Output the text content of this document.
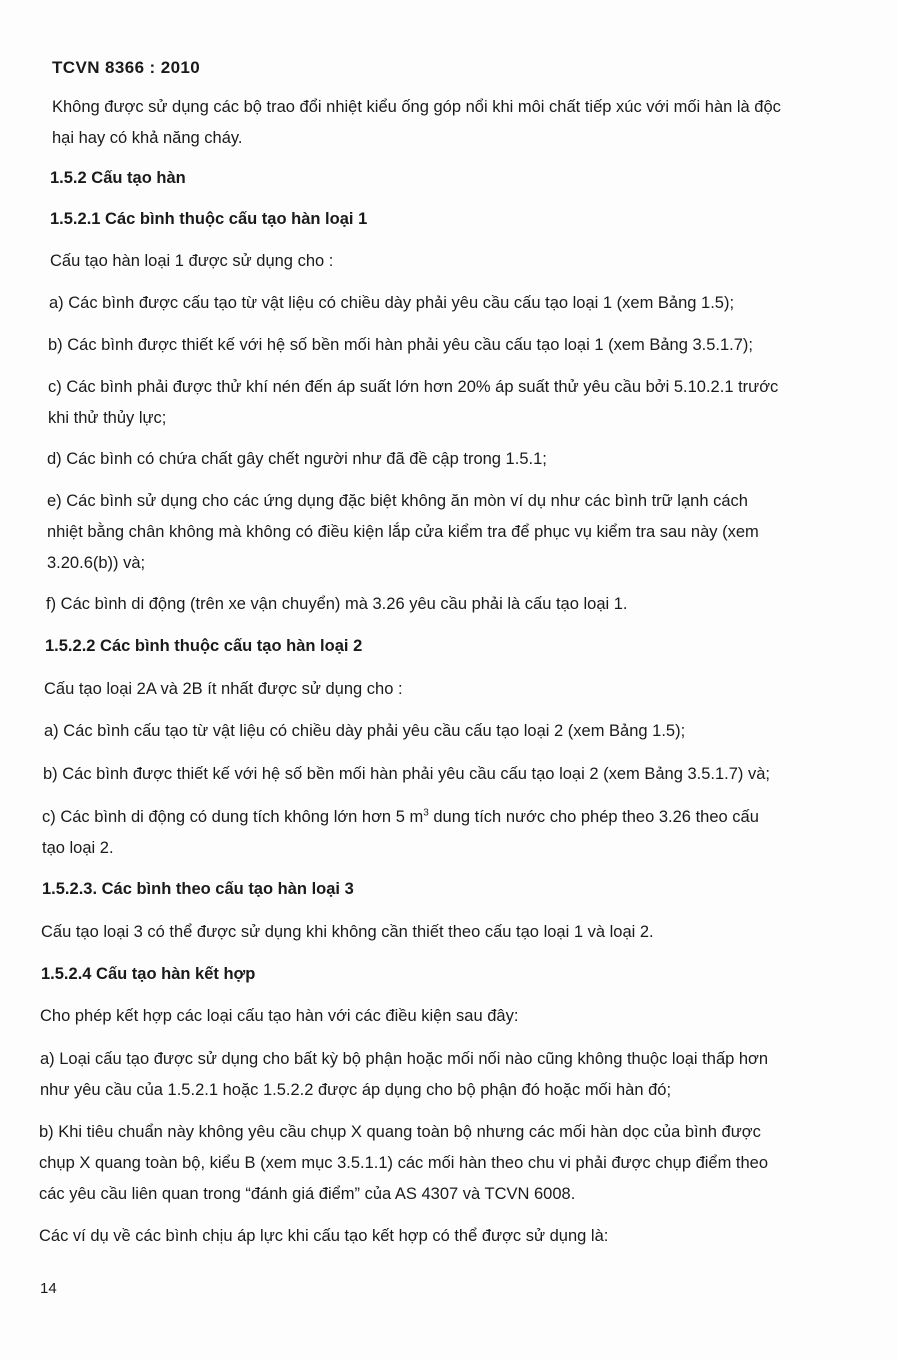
TCVN 8366 : 2010
Không được sử dụng các bộ trao đổi nhiệt kiểu ống góp nổi khi môi chất tiếp xúc với mối hàn là độc
hại hay có khả năng cháy.
1.5.2 Cấu tạo hàn
1.5.2.1 Các bình thuộc cấu tạo hàn loại 1
Cấu tạo hàn loại 1 được sử dụng cho :
a) Các bình được cấu tạo từ vật liệu có chiều dày phải yêu cầu cấu tạo loại 1 (xem Bảng 1.5);
b) Các bình được thiết kế với hệ số bền mối hàn phải yêu cầu cấu tạo loại 1 (xem Bảng 3.5.1.7);
c) Các bình phải được thử khí nén đến áp suất lớn hơn 20% áp suất thử yêu cầu bởi 5.10.2.1 trước
khi thử thủy lực;
d) Các bình có chứa chất gây chết người như đã đề cập trong 1.5.1;
e) Các bình sử dụng cho các ứng dụng đặc biệt không ăn mòn ví dụ như các bình trữ lạnh cách
nhiệt bằng chân không mà không có điều kiện lắp cửa kiểm tra để phục vụ kiểm tra sau này (xem
3.20.6(b)) và;
f) Các bình di động (trên xe vận chuyển) mà 3.26 yêu cầu phải là cấu tạo loại 1.
1.5.2.2 Các bình thuộc cấu tạo hàn loại 2
Cấu tạo loại 2A và 2B ít nhất được sử dụng cho :
a) Các bình cấu tạo từ vật liệu có chiều dày phải yêu cầu cấu tạo loại 2 (xem Bảng 1.5);
b) Các bình được thiết kế với hệ số bền mối hàn phải yêu cầu cấu tạo loại 2 (xem Bảng 3.5.1.7) và;
c) Các bình di động có dung tích không lớn hơn 5 $m^3$ dung tích nước cho phép theo 3.26 theo cấu
tạo loại 2.
1.5.2.3. Các bình theo cấu tạo hàn loại 3
Cấu tạo loại 3 có thể được sử dụng khi không cần thiết theo cấu tạo loại 1 và loại 2.
1.5.2.4 Cấu tạo hàn kết hợp
Cho phép kết hợp các loại cấu tạo hàn với các điều kiện sau đây:
a) Loại cấu tạo được sử dụng cho bất kỳ bộ phận hoặc mối nối nào cũng không thuộc loại thấp hơn
như yêu cầu của 1.5.2.1 hoặc 1.5.2.2 được áp dụng cho bộ phận đó hoặc mối hàn đó;
b) Khi tiêu chuẩn này không yêu cầu chụp X quang toàn bộ nhưng các mối hàn dọc của bình được
chụp X quang toàn bộ, kiểu B (xem mục 3.5.1.1) các mối hàn theo chu vi phải được chụp điểm theo
các yêu cầu liên quan trong “đánh giá điểm” của AS 4307 và TCVN 6008.
Các ví dụ về các bình chịu áp lực khi cấu tạo kết hợp có thể được sử dụng là:
14
